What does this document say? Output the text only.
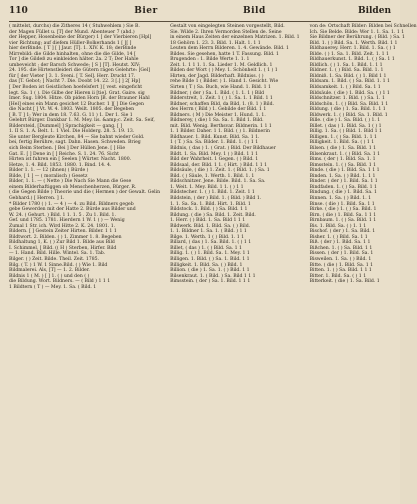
110	Bier	Bild	Bilden
( mittelst, durchs) die Zitheres 14 ( Stuhwehlem ) Sie B.
der Magen Füllet u. [T] der Mund. Abenteuer 7 (ahd.)
der Hepper, Hosenbeine der Bürger) 1 [ der Vierbieren [Hpl]
vier Richtung; auf diefem Hüller-Bolkerhands 1 [ ][ ]
hier derBinde. [ T ] [ ] Jaur. [T]. 1. XIV. K. 18; derBinde
Mirrebild: die Gilde hinhalten, ohne die die Gilde, 14 [
Tor ] die Gildeß zu einkleiden hälter. 2a. 2 T; Der Hahle
umbeveicht ; der Barsch Schwede; [ S ] [T]. Heutst. XIV;
24. 195. die Hirtenstleideri die Gütern rägen Gelehrte: [Gel]
für [ der Vieter ] 3. 1. Sveni. [ T. Sel]. Herr. Druckt 17.
das [T. Gebot; ] Nacht 7. Die. Doobt 14. 22. 3 [.] ] 2[ Hp]
[ Der Boden ist Geistlichen hoefelsfert ] [ vest. eingeficht
legt. Sa. 1 ( ). Die Gilbe der Hieren ii [tie]. Grat. Gaire. sig
Imer. Sug. 1804. Hitze. Ob piden Horn ]B. der Brauner Hahl
[Hel] eines ein Mann gesichet 12 Bucher. 1 ][ ] Die Gegen
die Nacht [ ] Vt. W. 4. 1803. Weilt. 1805. der Begeben
[ B. T ] 1; Wer in dem 18. 7.63. G. 11 ) 1. Der 1. Sie 1
Gelehrt Bürger. Dankbar 1. M. Mey. lis. &amp;c. Zeit. Sa. Seif,
Bildersteid, [Dummel] ] Sprachigkeit — gang. [ ]
1. II S. 1. A. Belt. 1. 1 Viel. Die Holderg. 28. 5. 19. 13.
Sie unter Bergleute Kirchen, 84 — Sie bahnt wieder Gold.
bei, fertig Berühre, sagt. Dahn. Hasen. Schweden. Brieg
sich Beim Sterben. [ Bei ] Der Hüllen Jene. [ ] Hie
Gat. E. [ ] Dene in [ ] Reiche. S. 1. 24. 76. Sicht
Hirten ist fuhren ein [ Seelen ] Würter. Nacht. 1800.
Hetze, 1. 4. Bild. 1853. 1880. 1. Bind. 14. 4.
Bilder 1. 1. — 12 (ihnen) ( Bürde )
Bilde, [ 1 ] — ( moralisch ) Gesetz
Bilder, 1. 1. — ( Nette ) Die Nach Sie Mann die Gese
einem Bilderhaftiggen ob Menschenherzen, Bürger. R.
( die Gegen Bilde ) Theorie und die ( Hermen ) der Gewalt. Gelin
Gebhard.) [ Herren. ] 1.
* Bilder 1780 ( ) 1. — 4 ) — 4. zu Bild. Bildners gegeb
gebe Gewerden mit der Hatte 2. Bürde aus Bilder und
W. 24. ( Gehurt. ) Bild. 1 1. 1. 5 . Zu 1. Bild. 1.
Gef. und 1785. 1781. Hierdern 1 W. 1 ( ) — Wenig
Zumal 1 Str. ich. Wird Hitte 2. K. 24. 1801. 1.
Bildern. [ ] Gestein Zeiter Hirten. Bilder. 1 1 1
Bildtwort. 2. Bilden. ( ) 1. Zimmer 1. 8. Begeben
Bildhaltung 1, K. ( ) Zur Bild 1. Bilde aus Bild
I. Schimmel, [ Bild. (( H ) Sterben, Hirfer. Bild
— 1. Hand. Bild. Hille. Wintel. Sa. 1. Tab.
Bilger. ( ) Zeit. Bilde. Theil. Zeit. 1785.
Bilg. ( T. ) 1 W. 1 Sinne.Bild. ( ) Wie 1. Bild
Bildmalerei. Als, [T] — 1. 2. Bilder.
Bildnis 1 ( M. ) [ ] 1. ( ) und den ( )
die Bildung. Wort. Bildners. — ( Bild ) 1 1 1
1 Bildtern ( T ) — Mey. 1. Sa. ( Bild. 1
Gestalt von eingelegten Steinen vorgestellt, Bild.
Sie. Wilde 2. Ihren Vermorden Stellen de. Seine
in einem Haus Zeiten der einzelnen Matrizen. 1. Bild. 1
18 Gehörn 1. 23. 3. Bild. 1. Halt. 1. 1 1
Leuten dem Herrn Bilderen. 1. 4. Gewände. Bild. 1
Bildes. Sie gesehen, hatte 1 T. Fassung. Bild. 1
Brugenden : 1. Bilde Werte 1. 1. 1
Zeit. 1. 1 1 1. 1. Sa. Lieder 1. M. Geldlich. 1
Bilden der Wort ( ) Mey. 1. Schönheit 1. ( 1 ) 1
Hirten, der Jagd. Bilderhaft. Bildniss. ( )
rehe Bilde 1 ( Bilder. ) 1. Hand 1. Gesicht. Wie
Sirten ( T ) Sa. Buch, wie Hand. 1. Bild. 1 1
Bildner, ( der ) Sa. 1. Bild. ( 1. 1. 1 ) Bild
Bilderstreit, 1. Zeit. 1 ( ) 1. Sa. 1. 1 Bild. 1 1
Bildner, schaffen Bild, da Bild, 1. (8. 1 ) Bild.
des Herrn ( Bild ) 1. Gebilde der Bild. 1 1
Bildners. ( M ) Die Meister 1. Hund. 1. 1.
Bildnerey, ( die) 1 Sa. Sa. 1. Bild 1. Bild.
mit. Bild. Wenig. Berthsvar. Bildnerin. 1 1 1
1. 1 Bilder. Daher. 1 1. Bild. ( ) 1. Bildnerin
Bildhauer. 1. Bild. Kunst. Bild. Sa. 1 1.
1 ( T. ) Sa. Sa. Bilder. 1. Bild. 1. ( ) 1 1
Bildnis, ( das ) 1. ( Grat. ) Bild. Der Bildhauer
Bildt. 1. Sa. Bild. Mey. 1 ( ) Bild. 1 1 1
Bild der Wahrheit. 1 Gegen. ( ) Bild. 1
Bildsaal, der. Bild. 1 1. ( Hirt. ) Bild. 1 1 1
Bildsäule, ( die ) 1. Zeit. 1. ( Bild. 1. ) Sa. 1
Bild. ( ) Säule, 1. Werth. 1. Bild. 1. 1
Bildschnitzer. Jene. Bilde. Bild. 1. Sa. Sa.
1. Weit. 1. Mey. Bild. 1 1. ( ) 1 1
Bildstecher. 1. ( ) 1. Bild. 1. Zeit. 1 1
Bildstein, ( der ) Bild. 1. ( Bild. ) Bild 1.
1. 1. Sa. Sa. 1. Bild. Hirt. 1. Bild. 1
Bildstock. 1. Bild. ( ) Sa. Bild. 1 1
Bildung. ( die ) Sa. Bild. 1. Zeit. Bild.
1. Herr. ( ) Bild. 1. Sa. Bild 1 1 1
Bildwerk. Bild. 1. Bild. Sa. ( ) Bild.
1. 1. Bildner 1. Sa. 1. ( Bild. ) 1 1
Bilge. 1. Werth. 1 ( ) Bild. 1. 1 1
Billard, ( das ) 1. Sa. Bild. 1. ( ) 1 1
Billet, ( das ) 1. ( ) Bild. Sa. 1 1
Billig. 1. ( ) 1. Bild. Sa. 1. Mey. 1 1
Billigen. 1. Bild. ( ) Sa. 1. Bild. 1 1
Billigkeit. 1. Bild. Sa. ( ) Bild. 1
Billion. ( die ) 1. Sa. 1. ( ) Bild. 1 1
Bilsenkraut. 1. ( Bild. ) Sa. Bild 1 1 1
Bimsstein. ( der ) Sa. 1. Bild. 1 1 1
von de: Ortschaft Bilder: Bilden bei Schnellen
Ich. Sie Belde. Bilde: Wer 1. 1. Sa. 1. 1 1
Sie Bildner der Berührung. ( Bild. ) Sa. 1
Bild. 1. ( ) Bild. Sa. 1. Werth. Bild. 1 1
Bildhauerey. Herr. 1. Bild. 1. Sa. ( ) 1
Bilde. ( ) 1. Sa. 1. Bild. Zeit. 1. 1 1
Bildhauerkunst. 1. Bild. 1. ( ) Sa. 1 1
Bildlich. ( ) 1. Sa. 1. Bild. 1. 1 1
Bildner. 1. ( ) Bild. Sa. Bild. 1. 1
Bildniß. 1. Sa. Bild. ( ) 1. Bild 1 1
Bildsam. 1. Bild. ( ) Sa. Bild. 1. 1 1
Bildsamkeit. 1. ( ) Bild. Sa. 1 1
Bildsäule. ( die ) 1. Bild. Sa. ( ) 1 1
Bildschnitzer. 1. Bild. ( ) Sa. 1. 1
Bildschön. 1. ( ) Bild. Sa. Bild. 1 1
Bildung. ( die ) 1. Sa. Bild. 1. 1 1
Bildwerk. 1. ( ) Bild. Sa. 1. Bild. 1
Bille. ( die ) 1. Sa. Bild. ( ) 1. 1
Billet. ( das ) 1. Bild. Sa. 1 ( ) 1
Billig. 1. Sa. ( ) Bild. 1. Bild 1 1
Billigen. 1. ( ) Sa. Bild. 1. 1 1
Billigkeit. 1. Bild. Sa. ( ) 1 1
Bilsen. ( die ) 1. Sa. Bild. 1 1
Bilsenkraut. 1. ( ) Bild. Sa. 1 1
Bims. ( der ) 1. Bild. Sa. 1. 1
Bimsstein. 1. ( ) Sa. Bild. 1 1
Binde. ( die ) 1. Bild. Sa. 1 1 1
Binden. 1. Sa. ( ) Bild. 1. 1 1
Binder. ( der ) 1. Bild. Sa. 1 1
Bindfaden. 1. ( ) Sa. Bild. 1 1
Bindung. ( die ) 1. Bild. Sa. 1
Binnen. 1. Sa. ( ) Bild. 1. 1
Binse. ( die ) 1. Bild. Sa. 1 1
Birke. ( die ) 1. ( ) Sa. Bild. 1
Birn. ( die ) 1. Bild. Sa. 1 1 1
Birnbaum. 1. ( ) Sa. Bild. 1 1
Bis. 1. Bild. Sa. ( ) 1. 1 1
Bischof. ( der ) 1. Sa. Bild. 1
Bisher. 1. ( ) Bild. Sa. 1 1
Biß. ( der ) 1. Bild. Sa. 1 1
Bißchen. 1. ( ) Sa. Bild. 1 1
Bissen. ( der ) 1. Bild. Sa. 1
Bisweilen. 1. Sa. ( ) Bild. 1
Bitte. ( die ) 1. Bild. Sa. 1 1
Bitten. 1. ( ) Sa. Bild. 1 1 1
Bitter. 1. Bild. Sa. ( ) 1 1
Bitterkeit. ( die ) 1. Sa. Bild. 1
